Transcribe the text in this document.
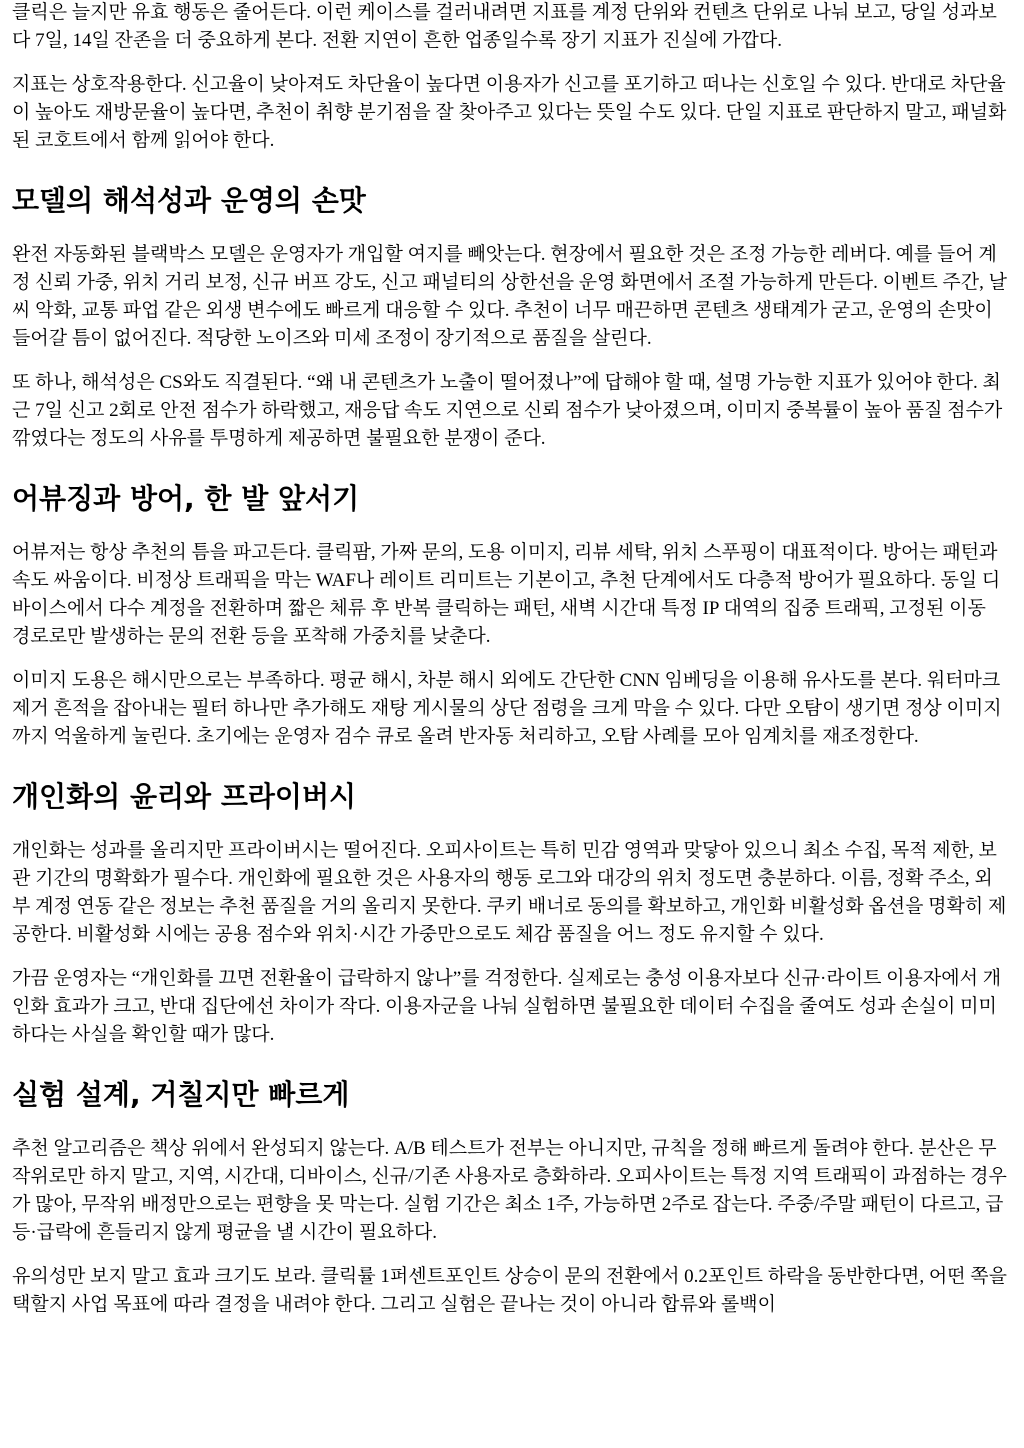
클릭은 늘지만 유효 행동은 줄어든다. 이런 케이스를 걸러내려면 지표를 계정 단위와 컨텐츠 단위로 나눠 보고, 당일 성과보다 7일, 14일 잔존을 더 중요하게 본다. 전환 지연이 흔한 업종일수록 장기 지표가 진실에 가깝다.

지표는 상호작용한다. 신고율이 낮아져도 차단율이 높다면 이용자가 신고를 포기하고 떠나는 신호일 수 있다. 반대로 차단율이 높아도 재방문율이 높다면, 추천이 취향 분기점을 잘 찾아주고 있다는 뜻일 수도 있다. 단일 지표로 판단하지 말고, 패널화된 코호트에서 함께 읽어야 한다.

모델의 해석성과 운영의 손맛

완전 자동화된 블랙박스 모델은 운영자가 개입할 여지를 빼앗는다. 현장에서 필요한 것은 조정 가능한 레버다. 예를 들어 계정 신뢰 가중, 위치 거리 보정, 신규 버프 강도, 신고 패널티의 상한선을 운영 화면에서 조절 가능하게 만든다. 이벤트 주간, 날씨 악화, 교통 파업 같은 외생 변수에도 빠르게 대응할 수 있다. 추천이 너무 매끈하면 콘텐츠 생태계가 굳고, 운영의 손맛이 들어갈 틈이 없어진다. 적당한 노이즈와 미세 조정이 장기적으로 품질을 살린다.

또 하나, 해석성은 CS와도 직결된다. “왜 내 콘텐츠가 노출이 떨어졌나”에 답해야 할 때, 설명 가능한 지표가 있어야 한다. 최근 7일 신고 2회로 안전 점수가 하락했고, 재응답 속도 지연으로 신뢰 점수가 낮아졌으며, 이미지 중복률이 높아 품질 점수가 깎였다는 정도의 사유를 투명하게 제공하면 불필요한 분쟁이 준다.

어뷰징과 방어, 한 발 앞서기

어뷰저는 항상 추천의 틈을 파고든다. 클릭팜, 가짜 문의, 도용 이미지, 리뷰 세탁, 위치 스푸핑이 대표적이다. 방어는 패턴과 속도 싸움이다. 비정상 트래픽을 막는 WAF나 레이트 리미트는 기본이고, 추천 단계에서도 다층적 방어가 필요하다. 동일 디바이스에서 다수 계정을 전환하며 짧은 체류 후 반복 클릭하는 패턴, 새벽 시간대 특정 IP 대역의 집중 트래픽, 고정된 이동 경로로만 발생하는 문의 전환 등을 포착해 가중치를 낮춘다.

이미지 도용은 해시만으로는 부족하다. 평균 해시, 차분 해시 외에도 간단한 CNN 임베딩을 이용해 유사도를 본다. 워터마크 제거 흔적을 잡아내는 필터 하나만 추가해도 재탕 게시물의 상단 점령을 크게 막을 수 있다. 다만 오탐이 생기면 정상 이미지까지 억울하게 눌린다. 초기에는 운영자 검수 큐로 올려 반자동 처리하고, 오탐 사례를 모아 임계치를 재조정한다.

개인화의 윤리와 프라이버시

개인화는 성과를 올리지만 프라이버시는 떨어진다. 오피사이트는 특히 민감 영역과 맞닿아 있으니 최소 수집, 목적 제한, 보관 기간의 명확화가 필수다. 개인화에 필요한 것은 사용자의 행동 로그와 대강의 위치 정도면 충분하다. 이름, 정확 주소, 외부 계정 연동 같은 정보는 추천 품질을 거의 올리지 못한다. 쿠키 배너로 동의를 확보하고, 개인화 비활성화 옵션을 명확히 제공한다. 비활성화 시에는 공용 점수와 위치·시간 가중만으로도 체감 품질을 어느 정도 유지할 수 있다.

가끔 운영자는 “개인화를 끄면 전환율이 급락하지 않나”를 걱정한다. 실제로는 충성 이용자보다 신규·라이트 이용자에서 개인화 효과가 크고, 반대 집단에선 차이가 작다. 이용자군을 나눠 실험하면 불필요한 데이터 수집을 줄여도 성과 손실이 미미하다는 사실을 확인할 때가 많다.

실험 설계, 거칠지만 빠르게

추천 알고리즘은 책상 위에서 완성되지 않는다. A/B 테스트가 전부는 아니지만, 규칙을 정해 빠르게 돌려야 한다. 분산은 무작위로만 하지 말고, 지역, 시간대, 디바이스, 신규/기존 사용자로 층화하라. 오피사이트는 특정 지역 트래픽이 과점하는 경우가 많아, 무작위 배정만으로는 편향을 못 막는다. 실험 기간은 최소 1주, 가능하면 2주로 잡는다. 주중/주말 패턴이 다르고, 급등·급락에 흔들리지 않게 평균을 낼 시간이 필요하다.

유의성만 보지 말고 효과 크기도 보라. 클릭률 1퍼센트포인트 상승이 문의 전환에서 0.2포인트 하락을 동반한다면, 어떤 쪽을 택할지 사업 목표에 따라 결정을 내려야 한다. 그리고 실험은 끝나는 것이 아니라 합류와 롤백이
